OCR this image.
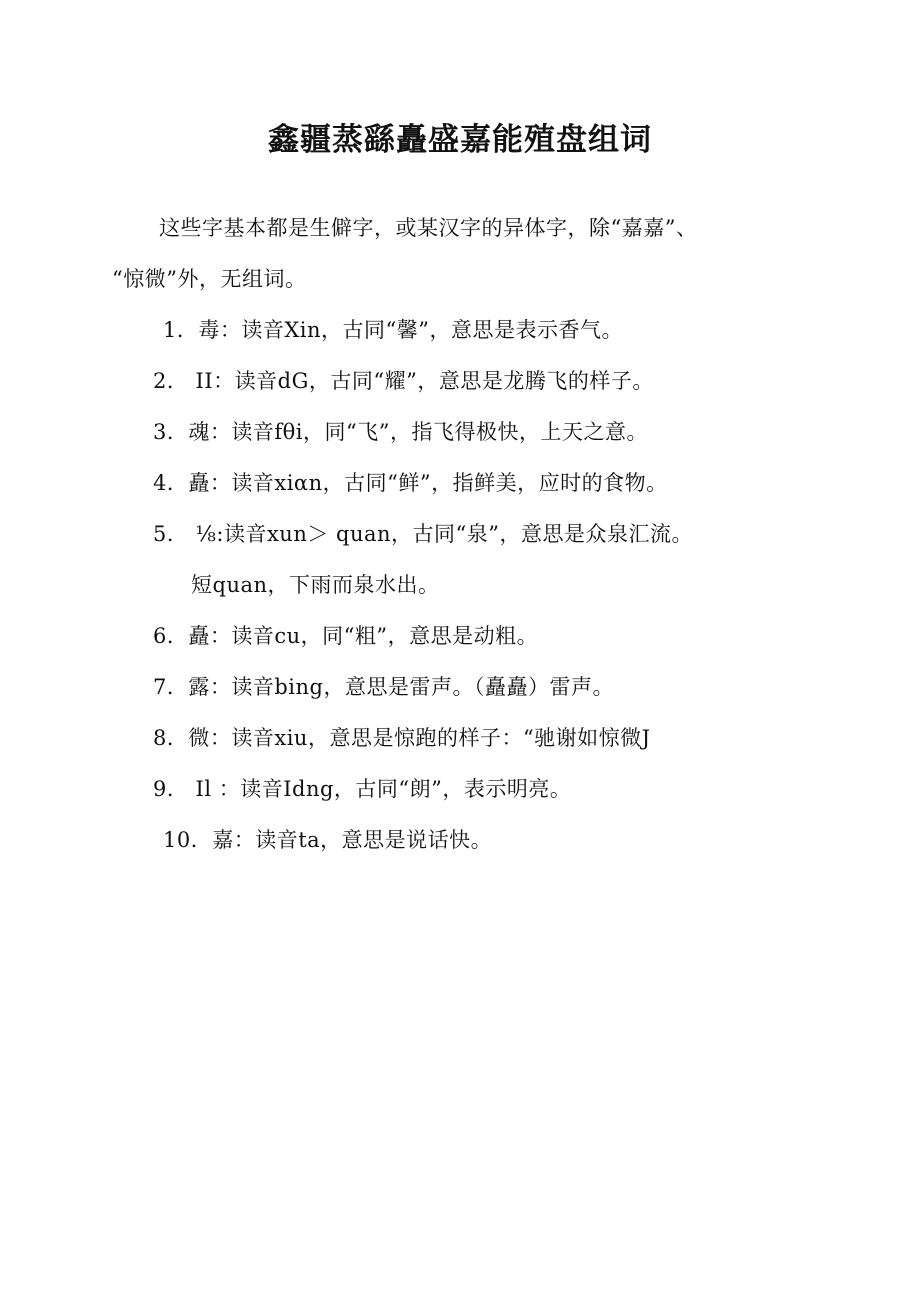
鑫疆蒸繇矗盛嘉能殖盘组词
这些字基本都是生僻字，或某汉字的异体字，除“嘉嘉”、
“惊微”外，无组词。
1．毒：读音Xin，古同“馨”，意思是表示香气。
2． II：读音dG，古同“耀”，意思是龙腾飞的样子。
3．魂：读音fθi，同“飞”，指飞得极快，上天之意。
4．矗：读音xiαn，古同“鲜”，指鲜美，应时的食物。
5． ⅛:读音xun＞ quan，古同“泉”，意思是众泉汇流。
短quan，下雨而泉水出。
6．矗：读音cu，同“粗”，意思是动粗。
7．露：读音bing，意思是雷声。（矗矗）雷声。
8．微：读音xiu，意思是惊跑的样子：“驰谢如惊微J
9． Il ：读音Idng，古同“朗”，表示明亮。
10．嘉：读音ta，意思是说话快。
